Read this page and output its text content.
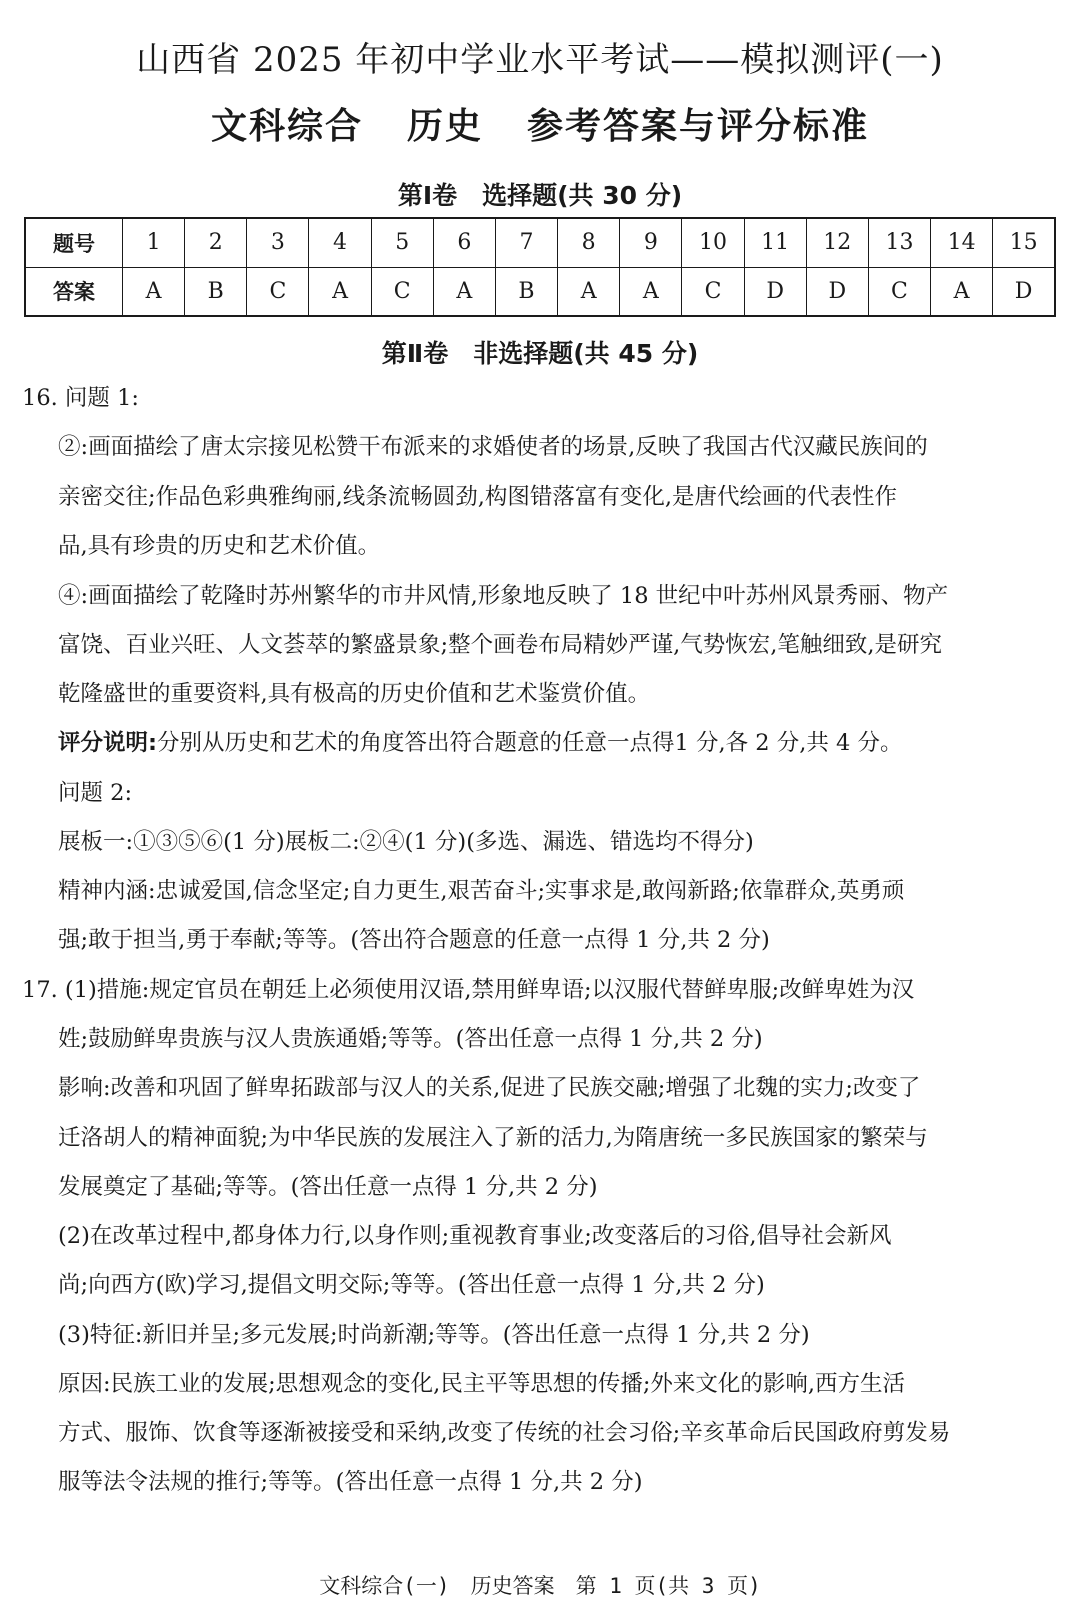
山西省 2025 年初中学业水平考试——模拟测评(一)
文科综合 历史 参考答案与评分标准
第Ⅰ卷　选择题(共 30 分)
题号	1	2	3	4	5	6	7	8	9	10	11	12	13	14	15
答案	A	B	C	A	C	A	B	A	A	C	D	D	C	A	D
第Ⅱ卷　非选择题(共 45 分)
16. 问题 1:
②:画面描绘了唐太宗接见松赞干布派来的求婚使者的场景,反映了我国古代汉藏民族间的
亲密交往;作品色彩典雅绚丽,线条流畅圆劲,构图错落富有变化,是唐代绘画的代表性作
品,具有珍贵的历史和艺术价值。
④:画面描绘了乾隆时苏州繁华的市井风情,形象地反映了 18 世纪中叶苏州风景秀丽、物产
富饶、百业兴旺、人文荟萃的繁盛景象;整个画卷布局精妙严谨,气势恢宏,笔触细致,是研究
乾隆盛世的重要资料,具有极高的历史价值和艺术鉴赏价值。
评分说明:分别从历史和艺术的角度答出符合题意的任意一点得1 分,各 2 分,共 4 分。
问题 2:
展板一:①③⑤⑥(1 分)展板二:②④(1 分)(多选、漏选、错选均不得分)
精神内涵:忠诚爱国,信念坚定;自力更生,艰苦奋斗;实事求是,敢闯新路;依靠群众,英勇顽
强;敢于担当,勇于奉献;等等。(答出符合题意的任意一点得 1 分,共 2 分)
17. (1)措施:规定官员在朝廷上必须使用汉语,禁用鲜卑语;以汉服代替鲜卑服;改鲜卑姓为汉
姓;鼓励鲜卑贵族与汉人贵族通婚;等等。(答出任意一点得 1 分,共 2 分)
影响:改善和巩固了鲜卑拓跋部与汉人的关系,促进了民族交融;增强了北魏的实力;改变了
迁洛胡人的精神面貌;为中华民族的发展注入了新的活力,为隋唐统一多民族国家的繁荣与
发展奠定了基础;等等。(答出任意一点得 1 分,共 2 分)
(2)在改革过程中,都身体力行,以身作则;重视教育事业;改变落后的习俗,倡导社会新风
尚;向西方(欧)学习,提倡文明交际;等等。(答出任意一点得 1 分,共 2 分)
(3)特征:新旧并呈;多元发展;时尚新潮;等等。(答出任意一点得 1 分,共 2 分)
原因:民族工业的发展;思想观念的变化,民主平等思想的传播;外来文化的影响,西方生活
方式、服饰、饮食等逐渐被接受和采纳,改变了传统的社会习俗;辛亥革命后民国政府剪发易
服等法令法规的推行;等等。(答出任意一点得 1 分,共 2 分)
文科综合(一)　历史答案　第 1 页(共 3 页)
